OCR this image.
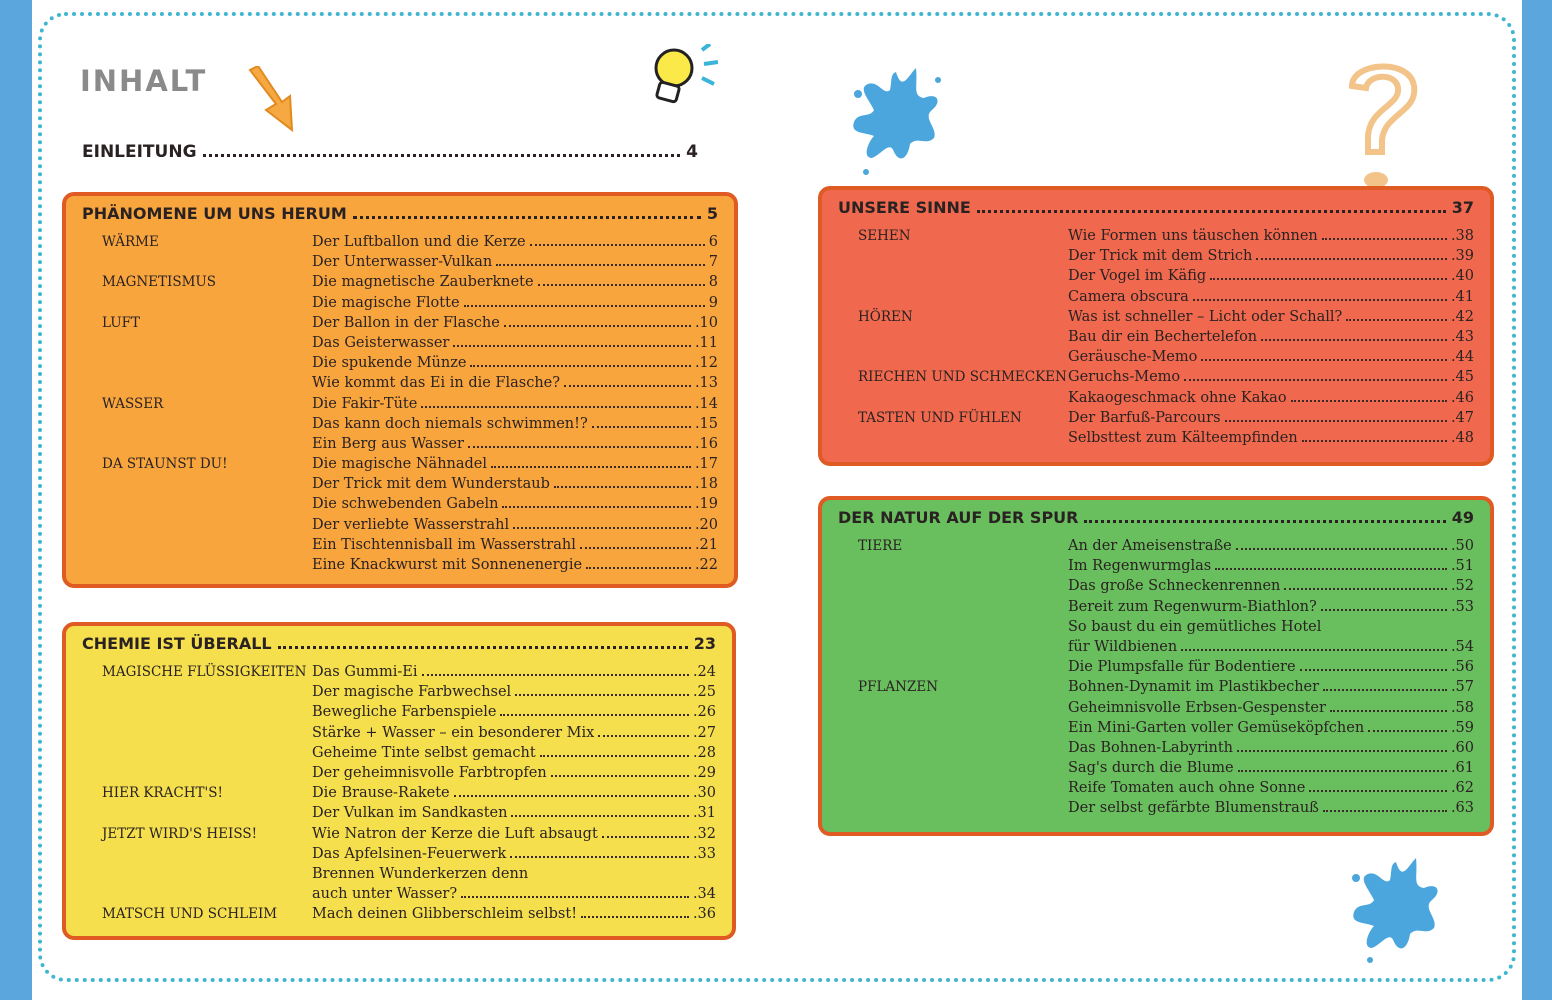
INHALT
EINLEITUNG	4
PHÄNOMENE UM UNS HERUM	5
WÄRME	Der Luftballon und die Kerze	6
Der Unterwasser-Vulkan	7
MAGNETISMUS	Die magnetische Zauberknete	8
Die magische Flotte	9
LUFT	Der Ballon in der Flasche	.10
Das Geisterwasser	.11
Die spukende Münze	.12
Wie kommt das Ei in die Flasche?	.13
WASSER	Die Fakir-Tüte	.14
Das kann doch niemals schwimmen!?	.15
Ein Berg aus Wasser	.16
DA STAUNST DU!	Die magische Nähnadel	.17
Der Trick mit dem Wunderstaub	.18
Die schwebenden Gabeln	.19
Der verliebte Wasserstrahl	.20
Ein Tischtennisball im Wasserstrahl	.21
Eine Knackwurst mit Sonnenenergie	.22
CHEMIE IST ÜBERALL	23
MAGISCHE FLÜSSIGKEITEN Das Gummi-Ei	.24
Der magische Farbwechsel	.25
Bewegliche Farbenspiele	.26
Stärke + Wasser – ein besonderer Mix	.27
Geheime Tinte selbst gemacht	.28
Der geheimnisvolle Farbtropfen	.29
HIER KRACHT'S!	Die Brause-Rakete	.30
Der Vulkan im Sandkasten	.31
JETZT WIRD'S HEISS!	Wie Natron der Kerze die Luft absaugt	.32
Das Apfelsinen-Feuerwerk	.33
Brennen Wunderkerzen denn
auch unter Wasser?	.34
MATSCH UND SCHLEIM	Mach deinen Glibberschleim selbst!	.36
UNSERE SINNE	37
SEHEN	Wie Formen uns täuschen können	.38
Der Trick mit dem Strich	.39
Der Vogel im Käfig	.40
Camera obscura	.41
HÖREN	Was ist schneller – Licht oder Schall?	.42
Bau dir ein Bechertelefon	.43
Geräusche-Memo	.44
RIECHEN UND SCHMECKEN Geruchs-Memo	.45
Kakaogeschmack ohne Kakao	.46
TASTEN UND FÜHLEN	Der Barfuß-Parcours	.47
Selbsttest zum Kälteempfinden	.48
DER NATUR AUF DER SPUR	49
TIERE	An der Ameisenstraße	.50
Im Regenwurmglas	.51
Das große Schneckenrennen	.52
Bereit zum Regenwurm-Biathlon?	.53
So baust du ein gemütliches Hotel
für Wildbienen	.54
Die Plumpsfalle für Bodentiere	.56
PFLANZEN	Bohnen-Dynamit im Plastikbecher	.57
Geheimnisvolle Erbsen-Gespenster	.58
Ein Mini-Garten voller Gemüseköpfchen	.59
Das Bohnen-Labyrinth	.60
Sag's durch die Blume	.61
Reife Tomaten auch ohne Sonne	.62
Der selbst gefärbte Blumenstrauß	.63
